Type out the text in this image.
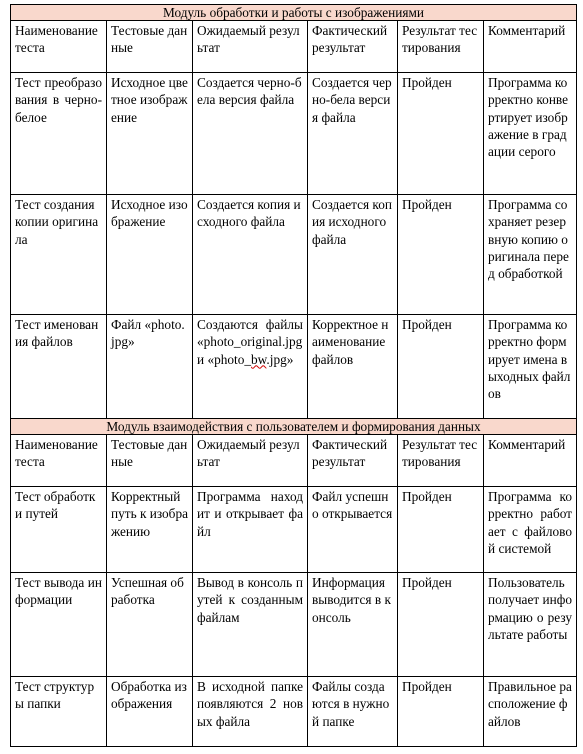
Модуль обработки и работы с изображениями					
Наименование теста	Тестовые данные	Ожидаемый результат	Фактический результат	Результат тестирования	Комментарий
Тест преобразования в черно-белое	Исходное цветное изображение	Создается черно-бела версия файла	Создается черно-бела версия файла	Пройден	Программа корректно конвертирует изображение в градации серого
Тест создания копии оригинала	Исходное изображение	Создается копия исходного файла	Создается копия исходного файла	Пройден	Программа сохраняет резервную копию оригинала перед обработкой
Тест именования файлов	Файл «photo.jpg»	Создаются файлы «photo_original.jpg и «photo_bw.jpg»	Корректное наименование файлов	Пройден	Программа корректно формирует имена выходных файлов
Модуль взаимодействия с пользователем и формирования данных					
Наименование теста	Тестовые данные	Ожидаемый результат	Фактический результат	Результат тестирования	Комментарий
Тест обработки путей	Корректный путь к изображению	Программа находит и открывает файл	Файл успешно открывается	Пройден	Программа корректно работает с файловой системой
Тест вывода информации	Успешная обработка	Вывод в консоль путей к созданным файлам	Информация выводится в консоль	Пройден	Пользователь получает информацию о результате работы
Тест структуры папки	Обработка изображения	В исходной папке появляются 2 новых файла	Файлы создаются в нужной папке	Пройден	Правильное расположение файлов
